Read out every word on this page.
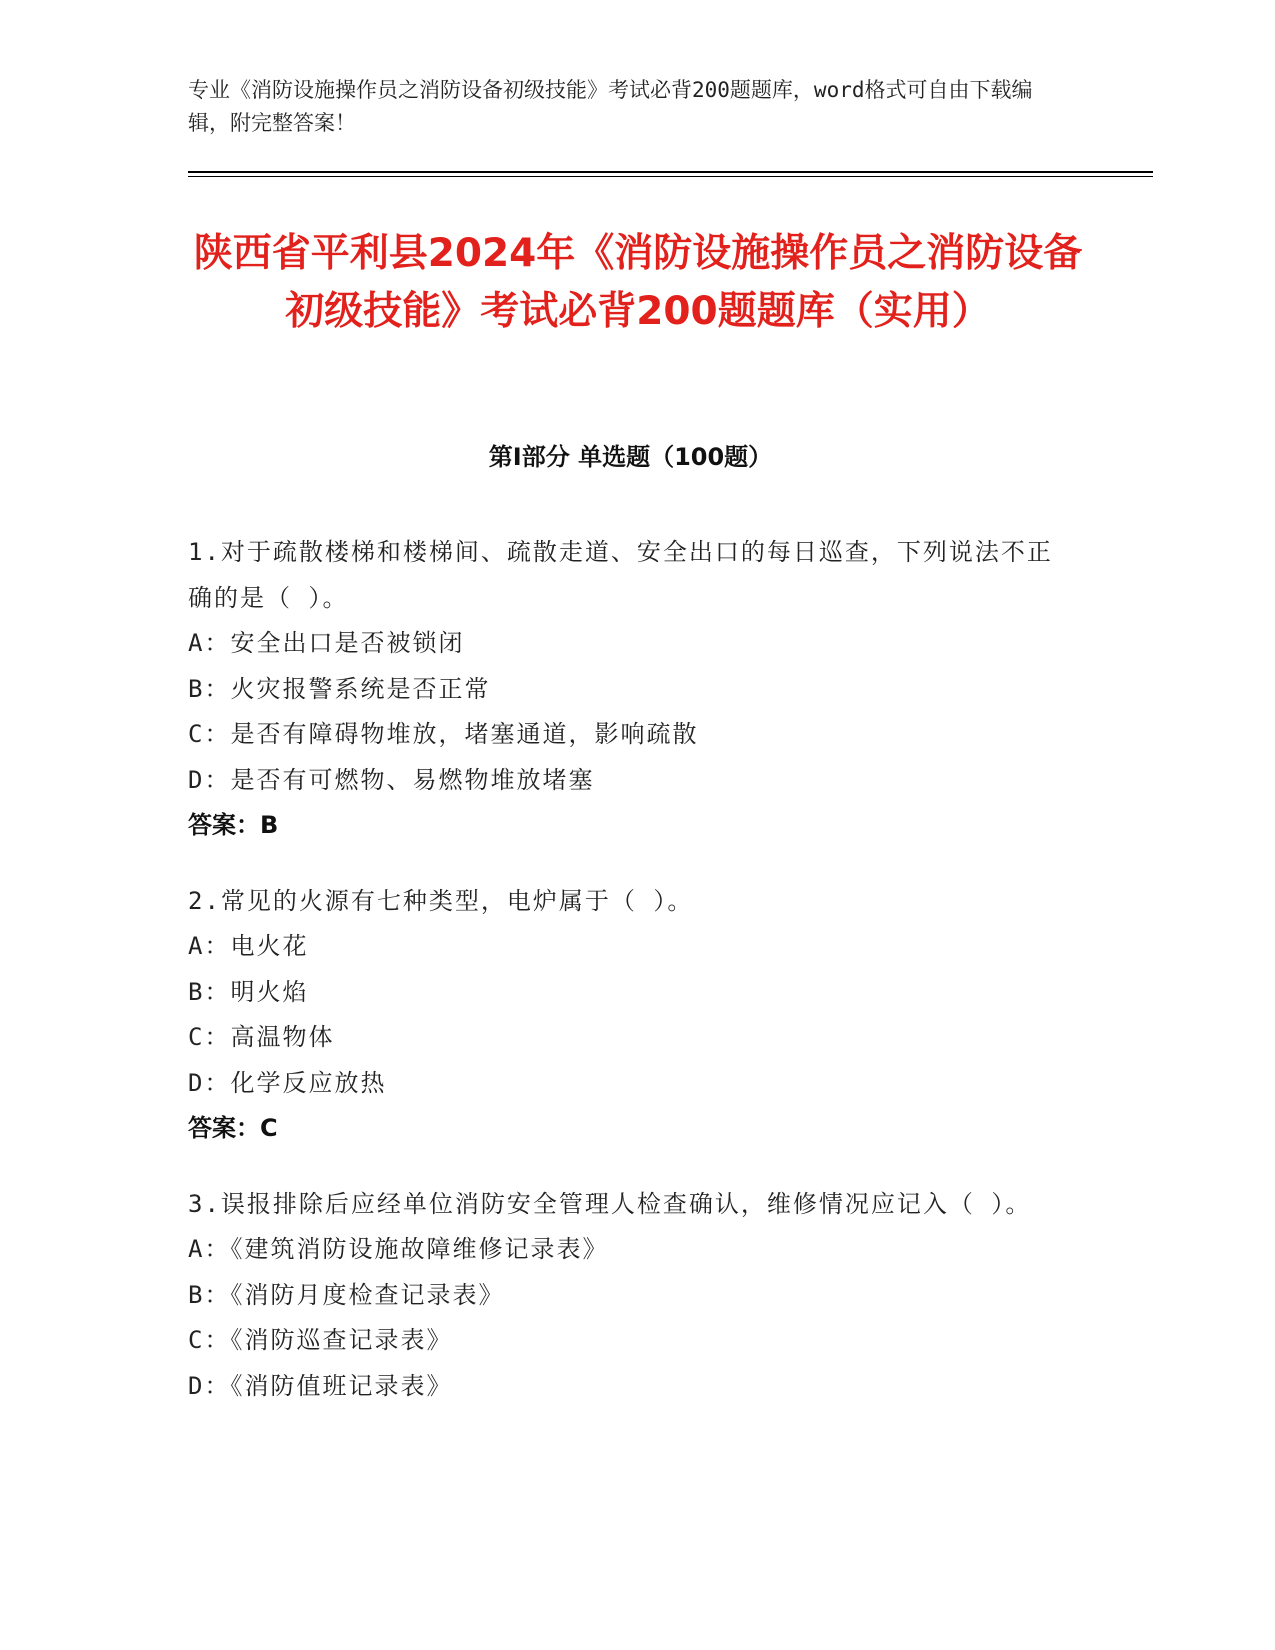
专业《消防设施操作员之消防设备初级技能》考试必背200题题库，word格式可自由下载编辑，附完整答案！
陕西省平利县2024年《消防设施操作员之消防设备初级技能》考试必背200题题库（实用）
第I部分 单选题（100题）
1.对于疏散楼梯和楼梯间、疏散走道、安全出口的每日巡查，下列说法不正确的是（ ）。
A：安全出口是否被锁闭
B：火灾报警系统是否正常
C：是否有障碍物堆放，堵塞通道，影响疏散
D：是否有可燃物、易燃物堆放堵塞
答案：B
2.常见的火源有七种类型，电炉属于（ ）。
A：电火花
B：明火焰
C：高温物体
D：化学反应放热
答案：C
3.误报排除后应经单位消防安全管理人检查确认，维修情况应记入（ ）。
A：《建筑消防设施故障维修记录表》
B：《消防月度检查记录表》
C：《消防巡查记录表》
D：《消防值班记录表》
